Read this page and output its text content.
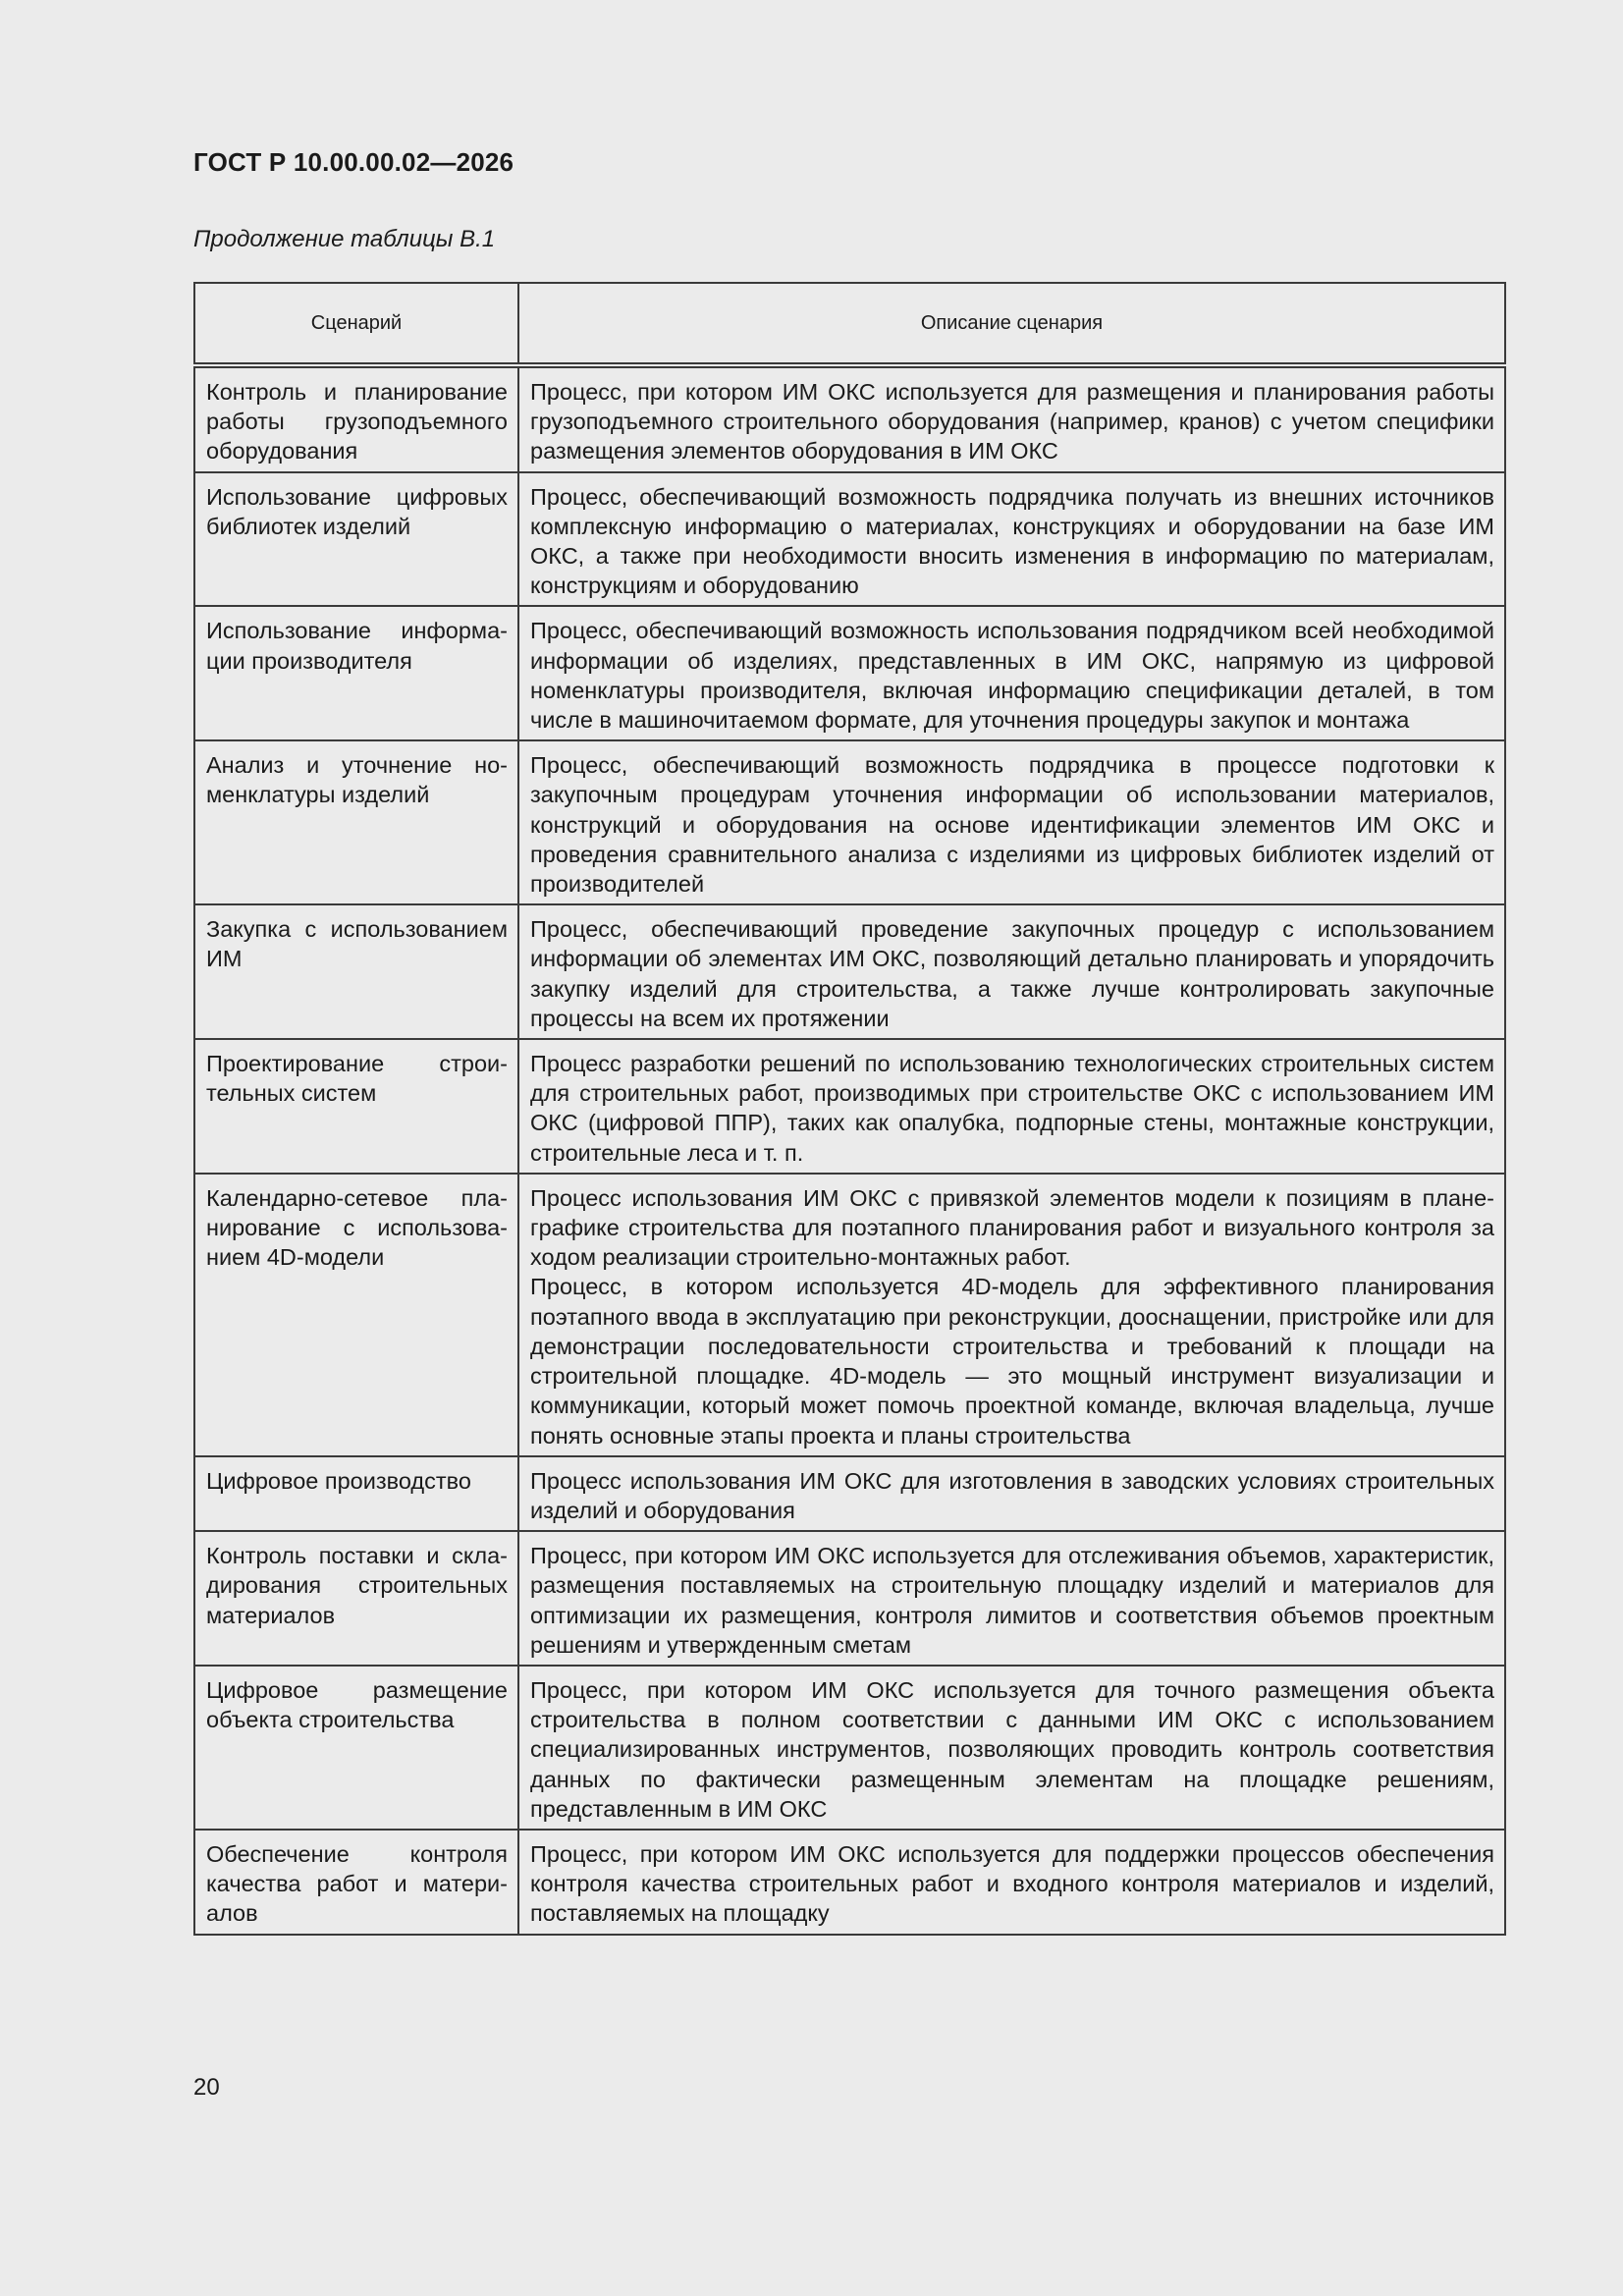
ГОСТ Р 10.00.00.02—2026
Продолжение таблицы В.1
Сценарий	Описание сценария
Контроль и планирование работы грузоподъемного оборудования	Процесс, при котором ИМ ОКС используется для размещения и планирования работы грузоподъемного строительного оборудования (например, кранов) с учетом специфики размещения элементов оборудования в ИМ ОКС

Использование цифровых библиотек изделий	Процесс, обеспечивающий возможность подрядчика получать из внешних источников комплексную информацию о материалах, конструкциях и оборудовании на базе ИМ ОКС, а также при необходимости вносить изменения в информацию по материалам, конструкциям и оборудованию

Использование информации производителя	Процесс, обеспечивающий возможность использования подрядчиком всей необходимой информации об изделиях, представленных в ИМ ОКС, напрямую из цифровой номенклатуры производителя, включая информацию спецификации деталей, в том числе в машиночитаемом формате, для уточнения процедуры закупок и монтажа

Анализ и уточнение номенклатуры изделий	Процесс, обеспечивающий возможность подрядчика в процессе подготовки к закупочным процедурам уточнения информации об использовании материалов, конструкций и оборудования на основе идентификации элементов ИМ ОКС и проведения сравнительного анализа с изделиями из цифровых библиотек изделий от производителей

Закупка с использованием ИМ	Процесс, обеспечивающий проведение закупочных процедур с использованием информации об элементах ИМ ОКС, позволяющий детально планировать и упорядочить закупку изделий для строительства, а также лучше контролировать закупочные процессы на всем их протяжении

Проектирование строительных систем	Процесс разработки решений по использованию технологических строительных систем для строительных работ, производимых при строительстве ОКС с использованием ИМ ОКС (цифровой ППР), таких как опалубка, подпорные стены, монтажные конструкции, строительные леса и т. п.

Календарно-сетевое планирование с использованием 4D-модели	Процесс использования ИМ ОКС с привязкой элементов модели к позициям в планеграфике строительства для поэтапного планирования работ и визуального контроля за ходом реализации строительно-монтажных работ.
Процесс, в котором используется 4D-модель для эффективного планирования поэтапного ввода в эксплуатацию при реконструкции, дооснащении, пристройке или для демонстрации последовательности строительства и требований к площади на строительной площадке. 4D-модель — это мощный инструмент визуализации и коммуникации, который может помочь проектной команде, включая владельца, лучше понять основные этапы проекта и планы строительства

Цифровое производство	Процесс использования ИМ ОКС для изготовления в заводских условиях строительных изделий и оборудования

Контроль поставки и складирования строительных материалов	Процесс, при котором ИМ ОКС используется для отслеживания объемов, характеристик, размещения поставляемых на строительную площадку изделий и материалов для оптимизации их размещения, контроля лимитов и соответствия объемов проектным решениям и утвержденным сметам

Цифровое размещение объекта строительства	Процесс, при котором ИМ ОКС используется для точного размещения объекта строительства в полном соответствии с данными ИМ ОКС с использованием специализированных инструментов, позволяющих проводить контроль соответствия данных по фактически размещенным элементам на площадке решениям, представленным в ИМ ОКС

Обеспечение контроля качества работ и материалов	Процесс, при котором ИМ ОКС используется для поддержки процессов обеспечения контроля качества строительных работ и входного контроля материалов и изделий, поставляемых на площадку
20
